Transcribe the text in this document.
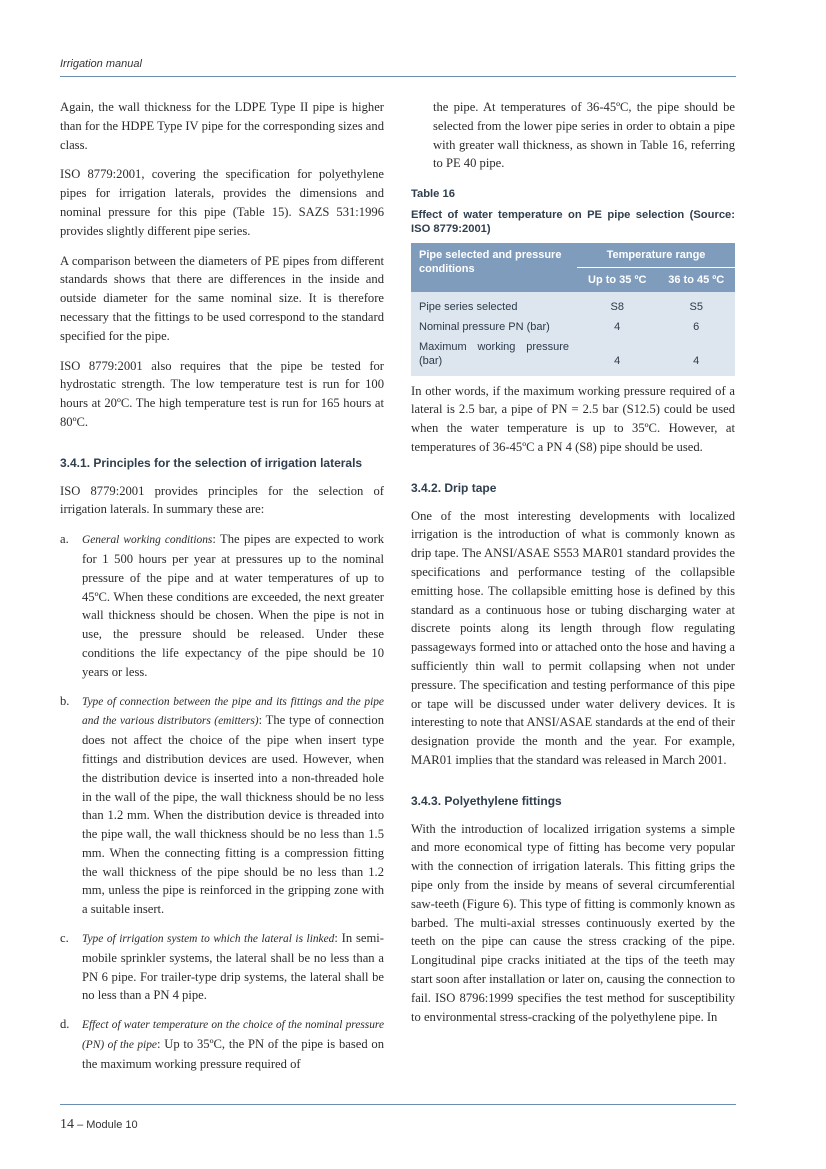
Irrigation manual

Again, the wall thickness for the LDPE Type II pipe is higher than for the HDPE Type IV pipe for the corresponding sizes and class.

ISO 8779:2001, covering the specification for polyethylene pipes for irrigation laterals, provides the dimensions and nominal pressure for this pipe (Table 15). SAZS 531:1996 provides slightly different pipe series.

A comparison between the diameters of PE pipes from different standards shows that there are differences in the inside and outside diameter for the same nominal size. It is therefore necessary that the fittings to be used correspond to the standard specified for the pipe.

ISO 8779:2001 also requires that the pipe be tested for hydrostatic strength. The low temperature test is run for 100 hours at 20ºC. The high temperature test is run for 165 hours at 80ºC.

3.4.1. Principles for the selection of irrigation laterals

ISO 8779:2001 provides principles for the selection of irrigation laterals. In summary these are:

a.	General working conditions: The pipes are expected to work for 1 500 hours per year at pressures up to the nominal pressure of the pipe and at water temperatures of up to 45ºC. When these conditions are exceeded, the next greater wall thickness should be chosen. When the pipe is not in use, the pressure should be released. Under these conditions the life expectancy of the pipe should be 10 years or less.
b.	Type of connection between the pipe and its fittings and the pipe and the various distributors (emitters): The type of connection does not affect the choice of the pipe when insert type fittings and distribution devices are used. However, when the distribution device is inserted into a non-threaded hole in the wall of the pipe, the wall thickness should be no less than 1.2 mm. When the distribution device is threaded into the pipe wall, the wall thickness should be no less than 1.5 mm. When the connecting fitting is a compression fitting the wall thickness of the pipe should be no less than 1.2 mm, unless the pipe is reinforced in the gripping zone with a suitable insert.
c.	Type of irrigation system to which the lateral is linked: In semi-mobile sprinkler systems, the lateral shall be no less than a PN 6 pipe. For trailer-type drip systems, the lateral shall be no less than a PN 4 pipe.
d.	Effect of water temperature on the choice of the nominal pressure (PN) of the pipe: Up to 35ºC, the PN of the pipe is based on the maximum working pressure required of

the pipe. At temperatures of 36-45ºC, the pipe should be selected from the lower pipe series in order to obtain a pipe with greater wall thickness, as shown in Table 16, referring to PE 40 pipe.

Table 16
Effect of water temperature on PE pipe selection (Source: ISO 8779:2001)
Pipe selected and pressure conditions	Temperature range	
	Up to 35 ºC	36 to 45 ºC
Pipe series selected	S8	S5
Nominal pressure PN (bar)	4	6
Maximum working pressure (bar)	4	4

In other words, if the maximum working pressure required of a lateral is 2.5 bar, a pipe of PN = 2.5 bar (S12.5) could be used when the water temperature is up to 35ºC. However, at temperatures of 36-45ºC a PN 4 (S8) pipe should be used.

3.4.2. Drip tape

One of the most interesting developments with localized irrigation is the introduction of what is commonly known as drip tape. The ANSI/ASAE S553 MAR01 standard provides the specifications and performance testing of the collapsible emitting hose. The collapsible emitting hose is defined by this standard as a continuous hose or tubing discharging water at discrete points along its length through flow regulating passageways formed into or attached onto the hose and having a sufficiently thin wall to permit collapsing when not under pressure. The specification and testing performance of this pipe or tape will be discussed under water delivery devices. It is interesting to note that ANSI/ASAE standards at the end of their designation provide the month and the year. For example, MAR01 implies that the standard was released in March 2001.

3.4.3. Polyethylene fittings

With the introduction of localized irrigation systems a simple and more economical type of fitting has become very popular with the connection of irrigation laterals. This fitting grips the pipe only from the inside by means of several circumferential saw-teeth (Figure 6). This type of fitting is commonly known as barbed. The multi-axial stresses continuously exerted by the teeth on the pipe can cause the stress cracking of the pipe. Longitudinal pipe cracks initiated at the tips of the teeth may start soon after installation or later on, causing the connection to fail. ISO 8796:1999 specifies the test method for susceptibility to environmental stress-cracking of the polyethylene pipe. In

14 – Module 10
